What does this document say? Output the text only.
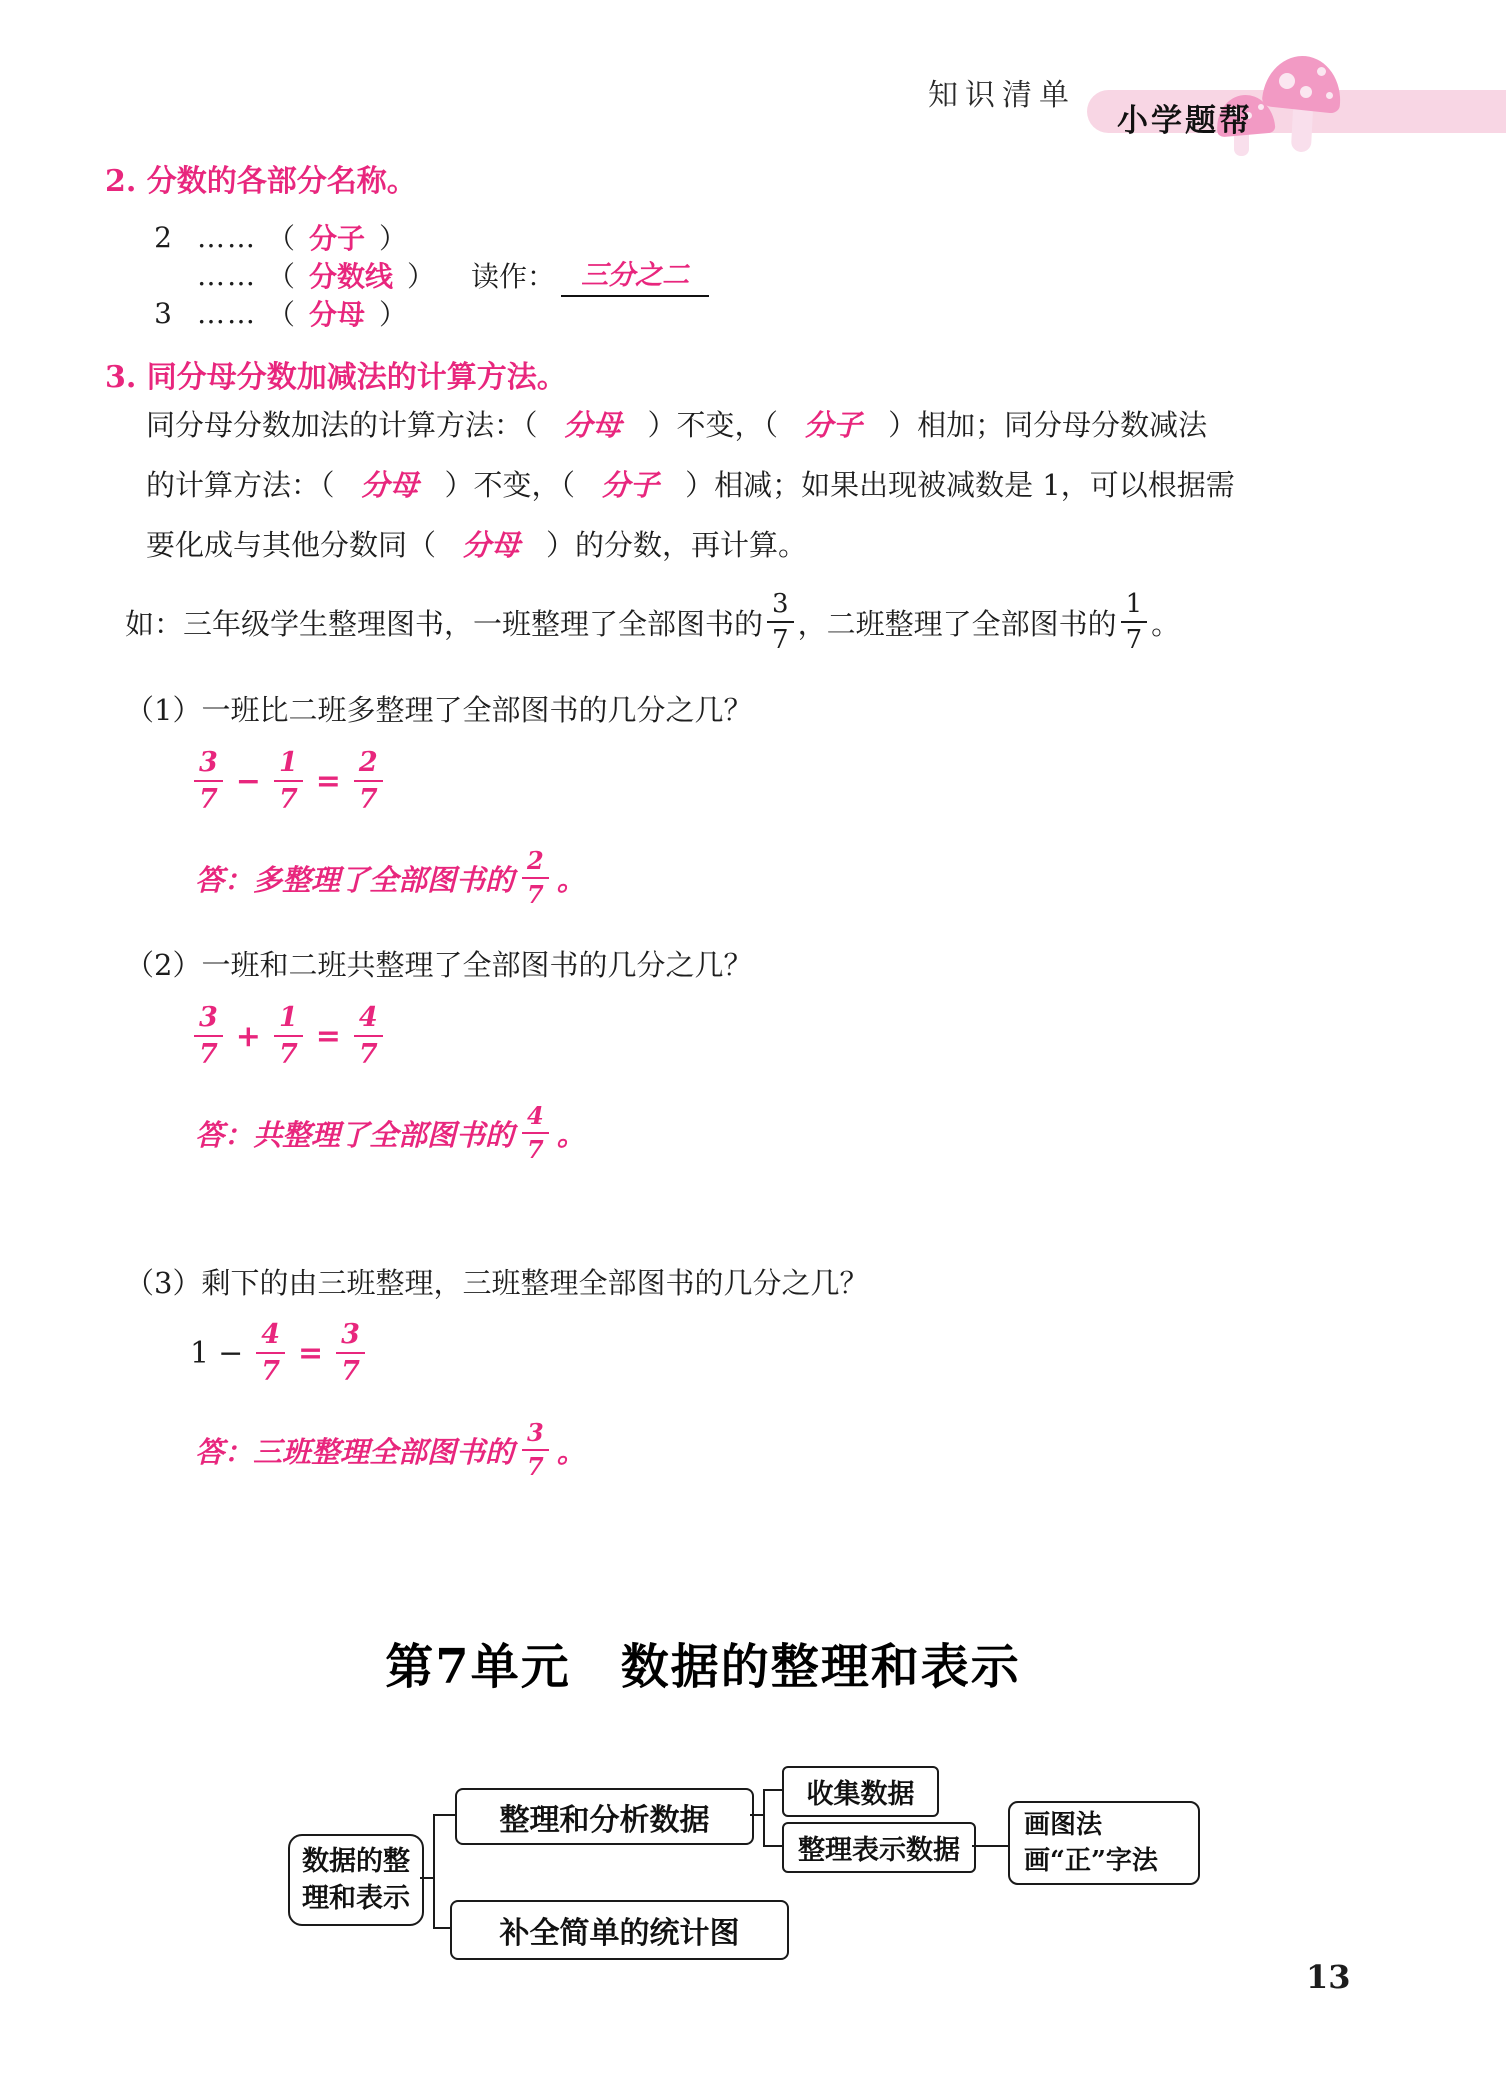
知识清单
小学题帮
2. 分数的各部分名称。
2 …… （ 分子 ）
…… （ 分数线 ） 读作： 三分之二
3 …… （ 分母 ）
3. 同分母分数加减法的计算方法。
同分母分数加法的计算方法：（ 分母 ）不变，（ 分子 ）相加；同分母分数减法
的计算方法：（ 分母 ）不变，（ 分子 ）相减；如果出现被减数是 1，可以根据需
要化成与其他分数同（ 分母 ）的分数，再计算。
如：三年级学生整理图书，一班整理了全部图书的 $\frac{3}{7}$ ，二班整理了全部图书的 $\frac{1}{7}$ 。
（1）一班比二班多整理了全部图书的几分之几？
$\frac{3}{7} - \frac{1}{7} = \frac{2}{7}$
答：多整理了全部图书的 $\frac{2}{7}$ 。
（2）一班和二班共整理了全部图书的几分之几？
$\frac{3}{7} + \frac{1}{7} = \frac{4}{7}$
答：共整理了全部图书的 $\frac{4}{7}$ 。
（3）剩下的由三班整理，三班整理全部图书的几分之几？
$1 - \frac{4}{7} = \frac{3}{7}$
答：三班整理全部图书的 $\frac{3}{7}$ 。
第7单元　数据的整理和表示
数据的整
理和表示
整理和分析数据
补全简单的统计图
收集数据
整理表示数据
画图法
画“正”字法
13
